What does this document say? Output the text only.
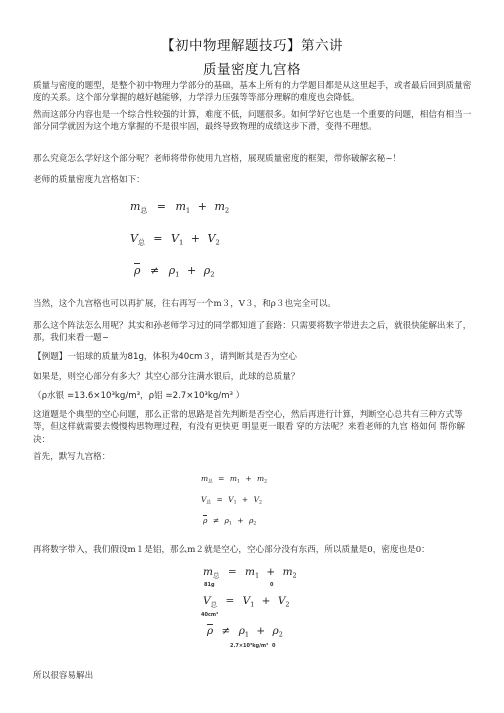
【初中物理解题技巧】第六讲
质量密度九宫格

质量与密度的题型，是整个初中物理力学部分的基础，基本上所有的力学题目都是从这里起手，或者最后回到质量密度的关系。这个部分掌握的越好越能够，力学浮力压强等等部分理解的难度也会降低。

然而这部分内容也是一个综合性较强的计算，难度不低，问题很多。如何学好它也是一个重要的问题，相信有相当一部分同学就因为这个地方掌握的不是很牢固，最终导致物理的成绩这步下滑，变得不理想。

那么究竟怎么学好这个部分呢？老师将带你使用九宫格，展现质量密度的框架，带你破解玄秘~！

老师的质量密度九宫格如下：

$m_总 = m_1 + m_2$
$V_总 = V_1 + V_2$
$\rho \ne \rho_1 + \rho_2$

当然，这个九宫格也可以再扩展，往右再写一个m３，V３，和ρ３也完全可以。

那么这个阵法怎么用呢？其实和孙老师学习过的同学都知道了套路：只需要将数字带进去之后，就很快能解出来了，那，我们来看一题~

【例题】一铝球的质量为81g，体积为40cm３，请判断其是否为空心

如果是，则空心部分有多大？其空心部分注满水银后，此球的总质量？

（ρ水银 =13.6×10³kg/m³，ρ铝 =2.7×10³kg/m³ ）

这道题是个典型的空心问题，那么正常的思路是首先判断是否空心，然后再进行计算，判断空心总共有三种方式等等，但这样就需要去慢慢构思物理过程，有没有更快更 明显更一眼看 穿的方法呢？来看老师的九宫 格如何 帮你解决：

首先，默写九宫格：

$m_总 = m_1 + m_2$
$V_总 = V_1 + V_2$
$\rho \ne \rho_1 + \rho_2$

再将数字带入，我们假设m１是铝，那么m２就是空心，空心部分没有东西，所以质量是0，密度也是0：

$m_总 = m_1 + m_2$
81g	0
$V_总 = V_1 + V_2$
40cm³
$\rho \ne \rho_1 + \rho_2$
2.7×10³kg/m³ 0

所以很容易解出
